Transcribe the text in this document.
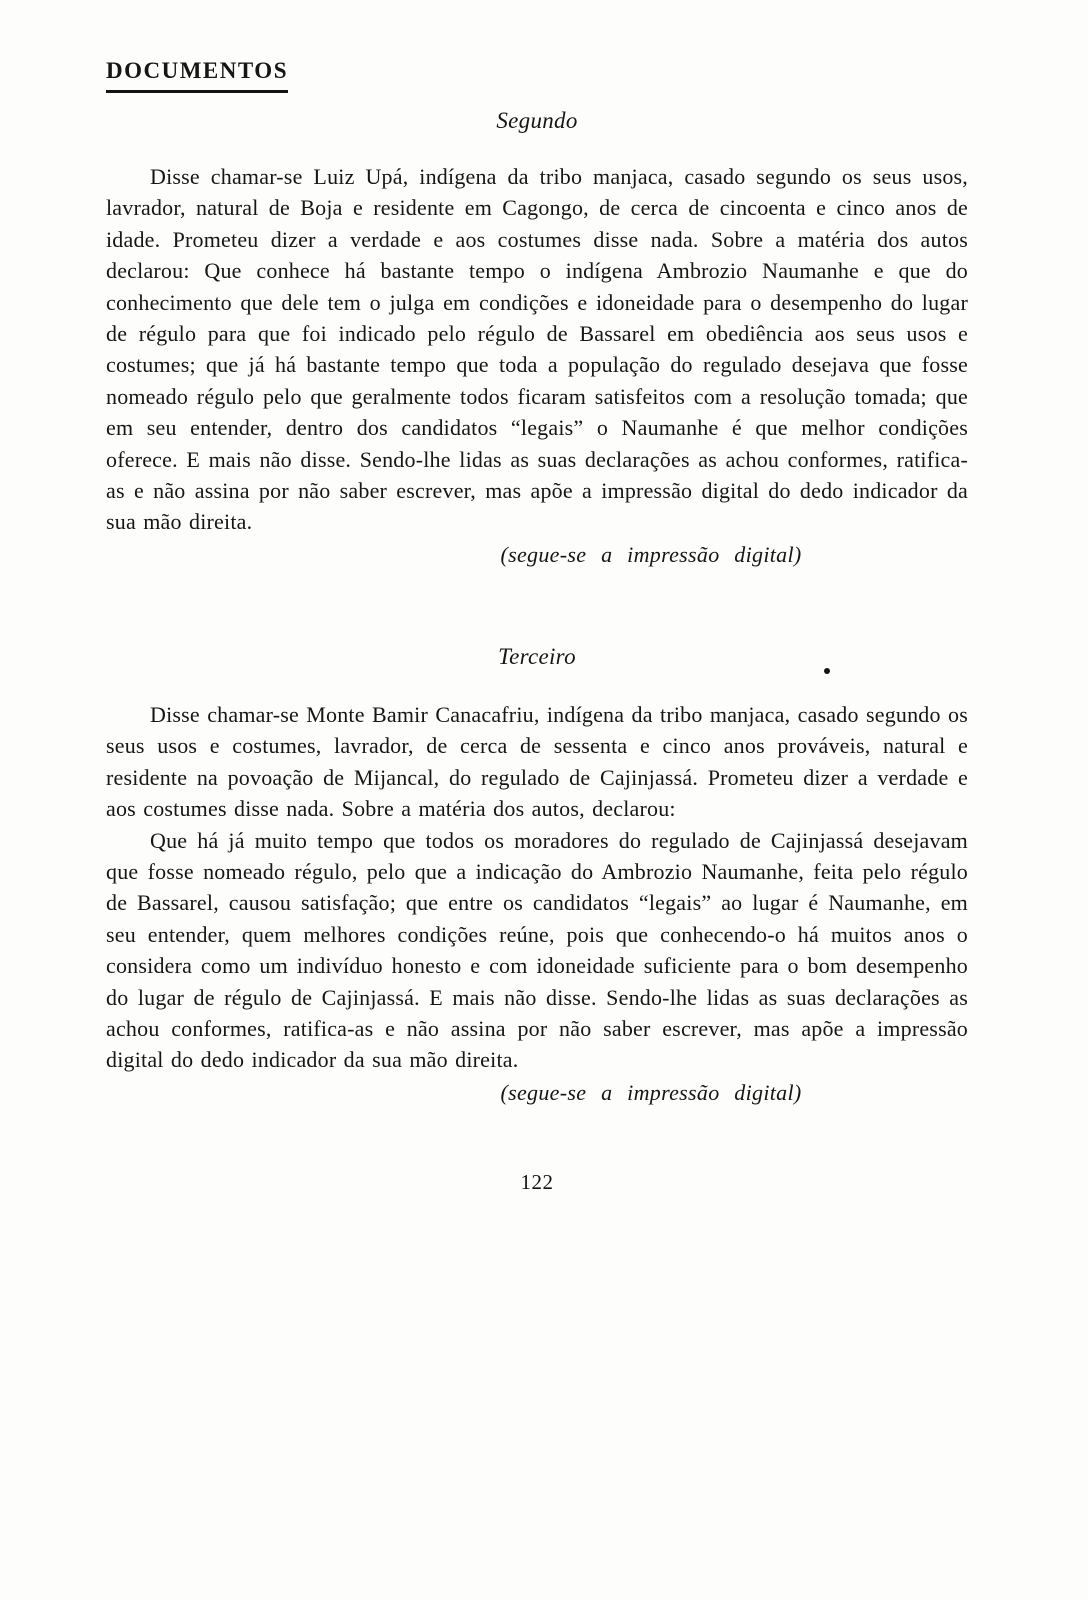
DOCUMENTOS
Segundo

Disse chamar-se Luiz Upá, indígena da tribo manjaca, casado segundo os seus usos, lavrador, natural de Boja e residente em Cagongo, de cerca de cincoenta e cinco anos de idade. Prometeu dizer a verdade e aos costumes disse nada. Sobre a matéria dos autos declarou: Que conhece há bastante tempo o indígena Ambrozio Naumanhe e que do conhecimento que dele tem o julga em condições e idoneidade para o desempenho do lugar de régulo para que foi indicado pelo régulo de Bassarel em obediência aos seus usos e costumes; que já há bastante tempo que toda a população do regulado desejava que fosse nomeado régulo pelo que geralmente todos ficaram satisfeitos com a resolução tomada; que em seu entender, dentro dos candidatos “legais” o Naumanhe é que melhor condições oferece. E mais não disse. Sendo-lhe lidas as suas declarações as achou conformes, ratifica-as e não assina por não saber escrever, mas apõe a impressão digital do dedo indicador da sua mão direita.

(segue-se a impressão digital)
Terceiro

Disse chamar-se Monte Bamir Canacafriu, indígena da tribo manjaca, casado segundo os seus usos e costumes, lavrador, de cerca de sessenta e cinco anos prováveis, natural e residente na povoação de Mijancal, do regulado de Cajinjassá. Prometeu dizer a verdade e aos costumes disse nada. Sobre a matéria dos autos, declarou:

Que há já muito tempo que todos os moradores do regulado de Cajinjassá desejavam que fosse nomeado régulo, pelo que a indicação do Ambrozio Naumanhe, feita pelo régulo de Bassarel, causou satisfação; que entre os candidatos “legais” ao lugar é Naumanhe, em seu entender, quem melhores condições reúne, pois que conhecendo-o há muitos anos o considera como um indivíduo honesto e com idoneidade suficiente para o bom desempenho do lugar de régulo de Cajinjassá. E mais não disse. Sendo-lhe lidas as suas declarações as achou conformes, ratifica-as e não assina por não saber escrever, mas apõe a impressão digital do dedo indicador da sua mão direita.

(segue-se a impressão digital)
122
